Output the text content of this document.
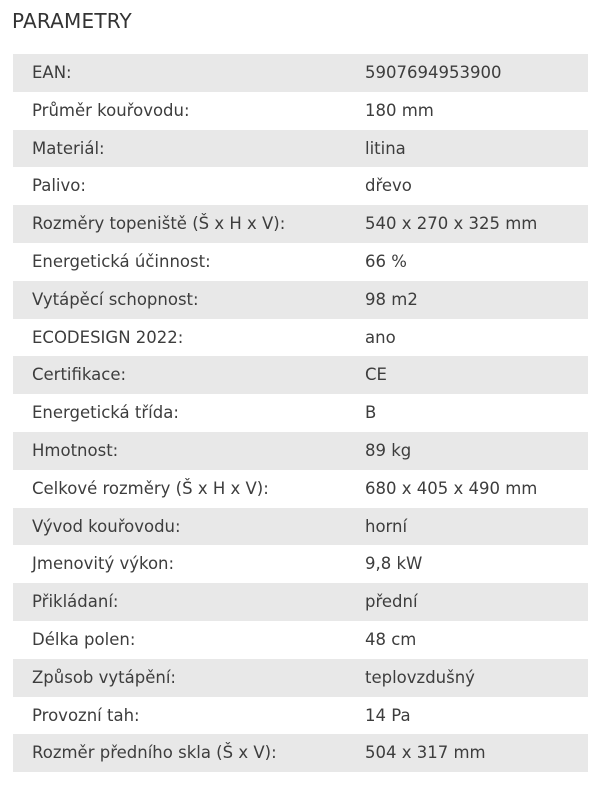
PARAMETRY
EAN:	5907694953900
Průměr kouřovodu:	180 mm
Materiál:	litina
Palivo:	dřevo
Rozměry topeniště (Š x H x V):	540 x 270 x 325 mm
Energetická účinnost:	66 %
Vytápěcí schopnost:	98 m2
ECODESIGN 2022:	ano
Certifikace:	CE
Energetická třída:	B
Hmotnost:	89 kg
Celkové rozměry (Š x H x V):	680 x 405 x 490 mm
Vývod kouřovodu:	horní
Jmenovitý výkon:	9,8 kW
Přikládaní:	přední
Délka polen:	48 cm
Způsob vytápění:	teplovzdušný
Provozní tah:	14 Pa
Rozměr předního skla (Š x V):	504 x 317 mm
